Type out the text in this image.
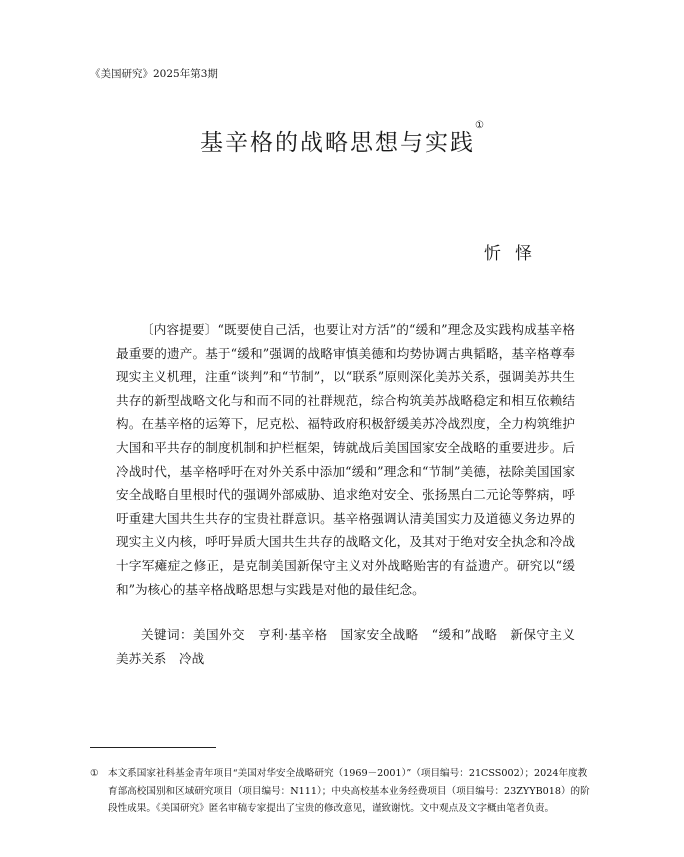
《美国研究》2025年第3期
基辛格的战略思想与实践①
忻怿

〔内容提要〕“既要使自己活，也要让对方活”的“缓和”理念及实践构成基辛格最重要的遗产。基于“缓和”强调的战略审慎美德和均势协调古典韬略，基辛格尊奉现实主义机理，注重“谈判”和“节制”，以“联系”原则深化美苏关系，强调美苏共生共存的新型战略文化与和而不同的社群规范，综合构筑美苏战略稳定和相互依赖结构。在基辛格的运筹下，尼克松、福特政府积极舒缓美苏冷战烈度，全力构筑维护大国和平共存的制度机制和护栏框架，铸就战后美国国家安全战略的重要进步。后冷战时代，基辛格呼吁在对外关系中添加“缓和”理念和“节制”美德，祛除美国国家安全战略自里根时代的强调外部威胁、追求绝对安全、张扬黑白二元论等弊病，呼吁重建大国共生共存的宝贵社群意识。基辛格强调认清美国实力及道德义务边界的现实主义内核，呼吁异质大国共生共存的战略文化，及其对于绝对安全执念和冷战十字军瘫症之修正，是克制美国新保守主义对外战略贻害的有益遗产。研究以“缓和”为核心的基辛格战略思想与实践是对他的最佳纪念。

关键词：美国外交　亨利·基辛格　国家安全战略　“缓和”战略　新保守主义　美苏关系　冷战

① 本文系国家社科基金青年项目“美国对华安全战略研究（1969－2001）”（项目编号：21CSS002）；2024年度教育部高校国别和区域研究项目（项目编号：N111）；中央高校基本业务经费项目（项目编号：23ZYYB018）的阶段性成果。《美国研究》匿名审稿专家提出了宝贵的修改意见，谨致谢忱。文中观点及文字概由笔者负责。
